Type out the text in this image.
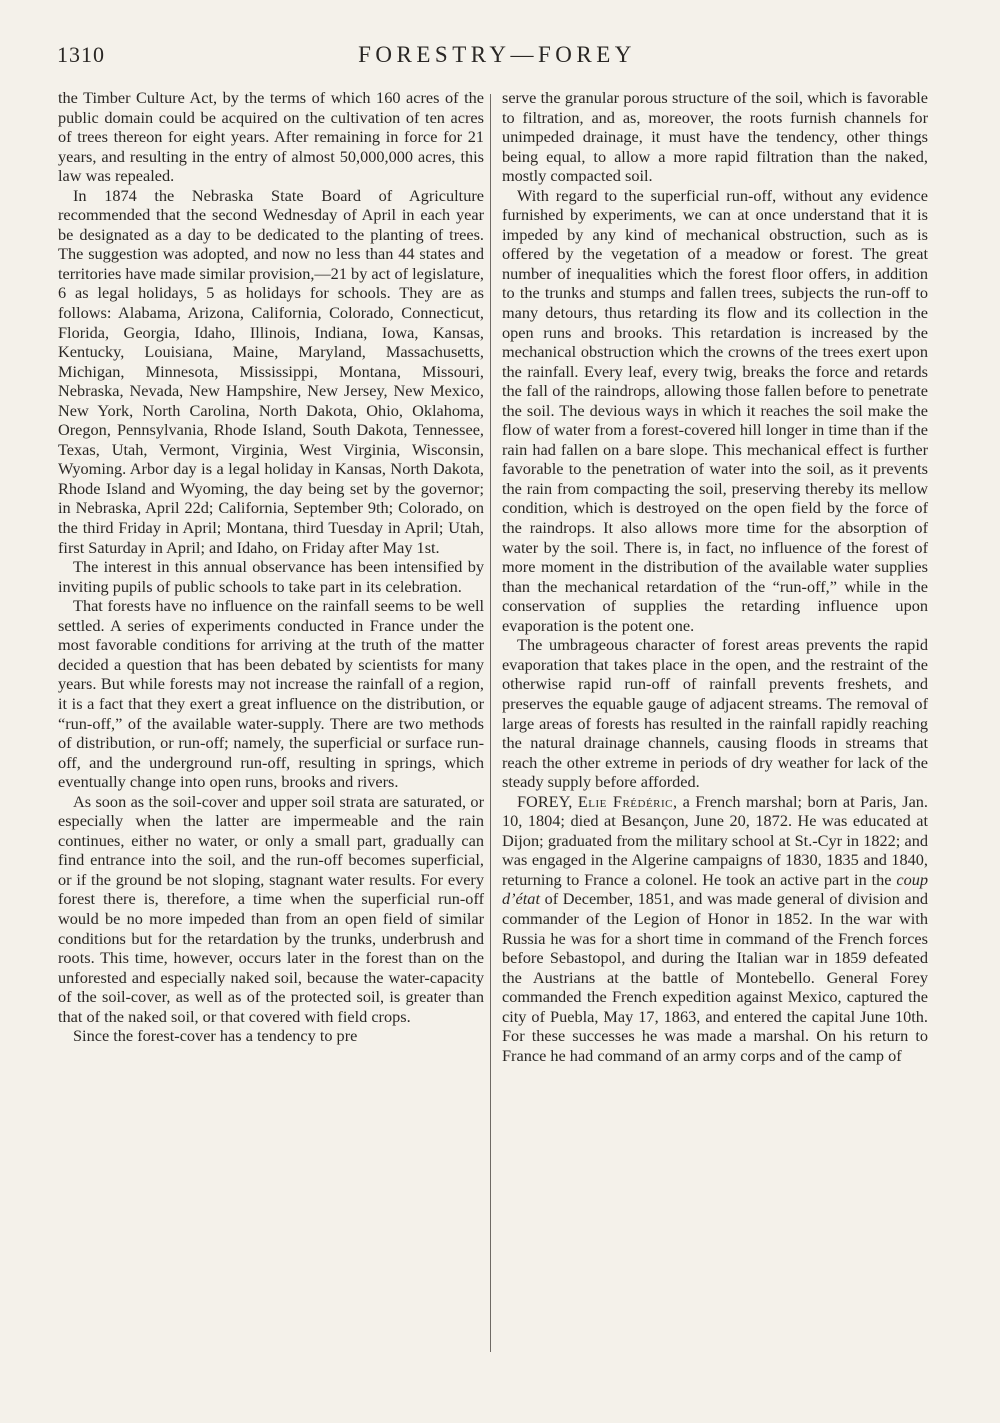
1310	FORESTRY—FOREY

the Timber Culture Act, by the terms of which 160 acres of the public domain could be acquired on the cultivation of ten acres of trees thereon for eight years. After remaining in force for 21 years, and resulting in the entry of almost 50,000,000 acres, this law was repealed.

In 1874 the Nebraska State Board of Agriculture recommended that the second Wednesday of April in each year be designated as a day to be dedicated to the planting of trees. The suggestion was adopted, and now no less than 44 states and territories have made similar provision,—21 by act of legislature, 6 as legal holidays, 5 as holidays for schools. They are as follows: Alabama, Arizona, California, Colorado, Connecticut, Florida, Georgia, Idaho, Illinois, Indiana, Iowa, Kansas, Kentucky, Louisiana, Maine, Maryland, Massachusetts, Michigan, Minnesota, Mississippi, Montana, Missouri, Nebraska, Nevada, New Hampshire, New Jersey, New Mexico, New York, North Carolina, North Dakota, Ohio, Oklahoma, Oregon, Pennsylvania, Rhode Island, South Dakota, Tennessee, Texas, Utah, Vermont, Virginia, West Virginia, Wisconsin, Wyoming. Arbor day is a legal holiday in Kansas, North Dakota, Rhode Island and Wyoming, the day being set by the governor; in Nebraska, April 22d; California, September 9th; Colorado, on the third Friday in April; Montana, third Tuesday in April; Utah, first Saturday in April; and Idaho, on Friday after May 1st.

The interest in this annual observance has been intensified by inviting pupils of public schools to take part in its celebration.

That forests have no influence on the rainfall seems to be well settled. A series of experiments conducted in France under the most favorable conditions for arriving at the truth of the matter decided a question that has been debated by scientists for many years. But while forests may not increase the rainfall of a region, it is a fact that they exert a great influence on the distribution, or “run-off,” of the available water-supply. There are two methods of distribution, or run-off; namely, the superficial or surface run-off, and the underground run-off, resulting in springs, which eventually change into open runs, brooks and rivers.

As soon as the soil-cover and upper soil strata are saturated, or especially when the latter are impermeable and the rain continues, either no water, or only a small part, gradually can find entrance into the soil, and the run-off becomes superficial, or if the ground be not sloping, stagnant water results. For every forest there is, therefore, a time when the superficial run-off would be no more impeded than from an open field of similar conditions but for the retardation by the trunks, underbrush and roots. This time, however, occurs later in the forest than on the unforested and especially naked soil, because the water-capacity of the soil-cover, as well as of the protected soil, is greater than that of the naked soil, or that covered with field crops.

Since the forest-cover has a tendency to pre

serve the granular porous structure of the soil, which is favorable to filtration, and as, moreover, the roots furnish channels for unimpeded drainage, it must have the tendency, other things being equal, to allow a more rapid filtration than the naked, mostly compacted soil.

With regard to the superficial run-off, without any evidence furnished by experiments, we can at once understand that it is impeded by any kind of mechanical obstruction, such as is offered by the vegetation of a meadow or forest. The great number of inequalities which the forest floor offers, in addition to the trunks and stumps and fallen trees, subjects the run-off to many detours, thus retarding its flow and its collection in the open runs and brooks. This retardation is increased by the mechanical obstruction which the crowns of the trees exert upon the rainfall. Every leaf, every twig, breaks the force and retards the fall of the raindrops, allowing those fallen before to penetrate the soil. The devious ways in which it reaches the soil make the flow of water from a forest-covered hill longer in time than if the rain had fallen on a bare slope. This mechanical effect is further favorable to the penetration of water into the soil, as it prevents the rain from compacting the soil, preserving thereby its mellow condition, which is destroyed on the open field by the force of the raindrops. It also allows more time for the absorption of water by the soil. There is, in fact, no influence of the forest of more moment in the distribution of the available water supplies than the mechanical retardation of the “run-off,” while in the conservation of supplies the retarding influence upon evaporation is the potent one.

The umbrageous character of forest areas prevents the rapid evaporation that takes place in the open, and the restraint of the otherwise rapid run-off of rainfall prevents freshets, and preserves the equable gauge of adjacent streams. The removal of large areas of forests has resulted in the rainfall rapidly reaching the natural drainage channels, causing floods in streams that reach the other extreme in periods of dry weather for lack of the steady supply before afforded.

FOREY, Elie Frédéric, a French marshal; born at Paris, Jan. 10, 1804; died at Besançon, June 20, 1872. He was educated at Dijon; graduated from the military school at St.-Cyr in 1822; and was engaged in the Algerine campaigns of 1830, 1835 and 1840, returning to France a colonel. He took an active part in the coup d’état of December, 1851, and was made general of division and commander of the Legion of Honor in 1852. In the war with Russia he was for a short time in command of the French forces before Sebastopol, and during the Italian war in 1859 defeated the Austrians at the battle of Montebello. General Forey commanded the French expedition against Mexico, captured the city of Puebla, May 17, 1863, and entered the capital June 10th. For these successes he was made a marshal. On his return to France he had command of an army corps and of the camp of
